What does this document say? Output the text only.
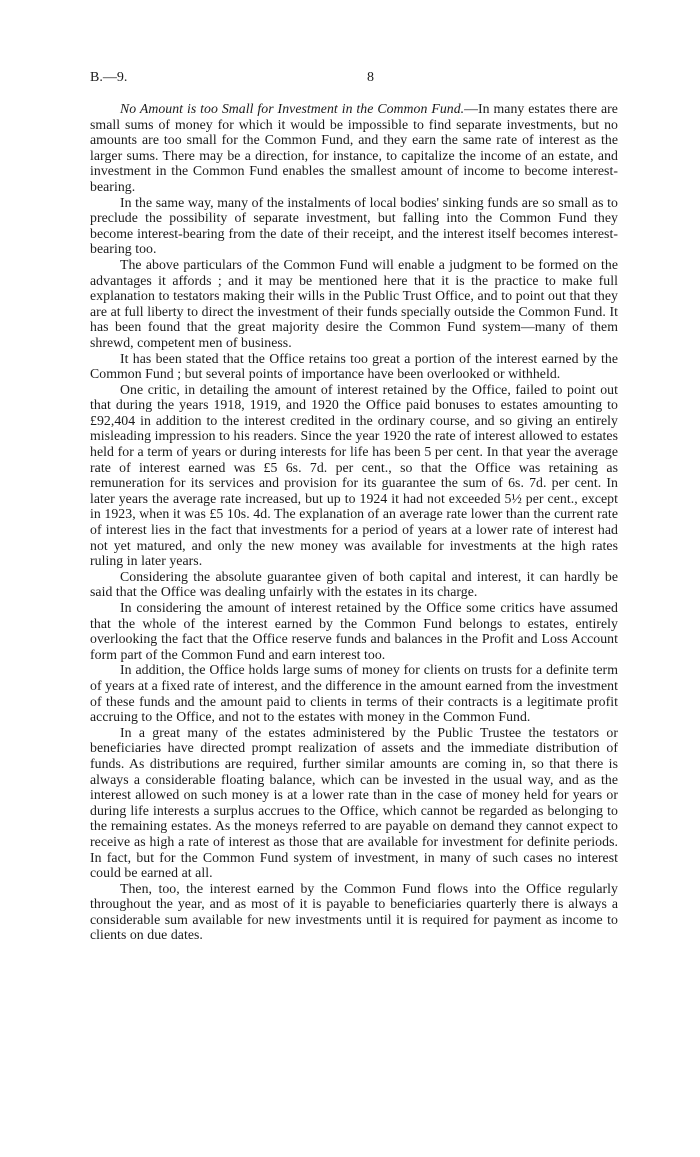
B.—9.	8

No Amount is too Small for Investment in the Common Fund.—In many estates there are small sums of money for which it would be impossible to find separate investments, but no amounts are too small for the Common Fund, and they earn the same rate of interest as the larger sums. There may be a direction, for instance, to capitalize the income of an estate, and investment in the Common Fund enables the smallest amount of income to become interest-bearing.

In the same way, many of the instalments of local bodies' sinking funds are so small as to preclude the possibility of separate investment, but falling into the Common Fund they become interest-bearing from the date of their receipt, and the interest itself becomes interest-bearing too.

The above particulars of the Common Fund will enable a judgment to be formed on the advantages it affords ; and it may be mentioned here that it is the practice to make full explanation to testators making their wills in the Public Trust Office, and to point out that they are at full liberty to direct the investment of their funds specially outside the Common Fund. It has been found that the great majority desire the Common Fund system—many of them shrewd, competent men of business.

It has been stated that the Office retains too great a portion of the interest earned by the Common Fund ; but several points of importance have been overlooked or withheld.

One critic, in detailing the amount of interest retained by the Office, failed to point out that during the years 1918, 1919, and 1920 the Office paid bonuses to estates amounting to £92,404 in addition to the interest credited in the ordinary course, and so giving an entirely misleading impression to his readers. Since the year 1920 the rate of interest allowed to estates held for a term of years or during interests for life has been 5 per cent. In that year the average rate of interest earned was £5 6s. 7d. per cent., so that the Office was retaining as remuneration for its services and provision for its guarantee the sum of 6s. 7d. per cent. In later years the average rate increased, but up to 1924 it had not exceeded 5½ per cent., except in 1923, when it was £5 10s. 4d. The explanation of an average rate lower than the current rate of interest lies in the fact that investments for a period of years at a lower rate of interest had not yet matured, and only the new money was available for investments at the high rates ruling in later years.

Considering the absolute guarantee given of both capital and interest, it can hardly be said that the Office was dealing unfairly with the estates in its charge.

In considering the amount of interest retained by the Office some critics have assumed that the whole of the interest earned by the Common Fund belongs to estates, entirely overlooking the fact that the Office reserve funds and balances in the Profit and Loss Account form part of the Common Fund and earn interest too.

In addition, the Office holds large sums of money for clients on trusts for a definite term of years at a fixed rate of interest, and the difference in the amount earned from the investment of these funds and the amount paid to clients in terms of their contracts is a legitimate profit accruing to the Office, and not to the estates with money in the Common Fund.

In a great many of the estates administered by the Public Trustee the testators or beneficiaries have directed prompt realization of assets and the immediate distribution of funds. As distributions are required, further similar amounts are coming in, so that there is always a considerable floating balance, which can be invested in the usual way, and as the interest allowed on such money is at a lower rate than in the case of money held for years or during life interests a surplus accrues to the Office, which cannot be regarded as belonging to the remaining estates. As the moneys referred to are payable on demand they cannot expect to receive as high a rate of interest as those that are available for investment for definite periods. In fact, but for the Common Fund system of investment, in many of such cases no interest could be earned at all.

Then, too, the interest earned by the Common Fund flows into the Office regularly throughout the year, and as most of it is payable to beneficiaries quarterly there is always a considerable sum available for new investments until it is required for payment as income to clients on due dates.
